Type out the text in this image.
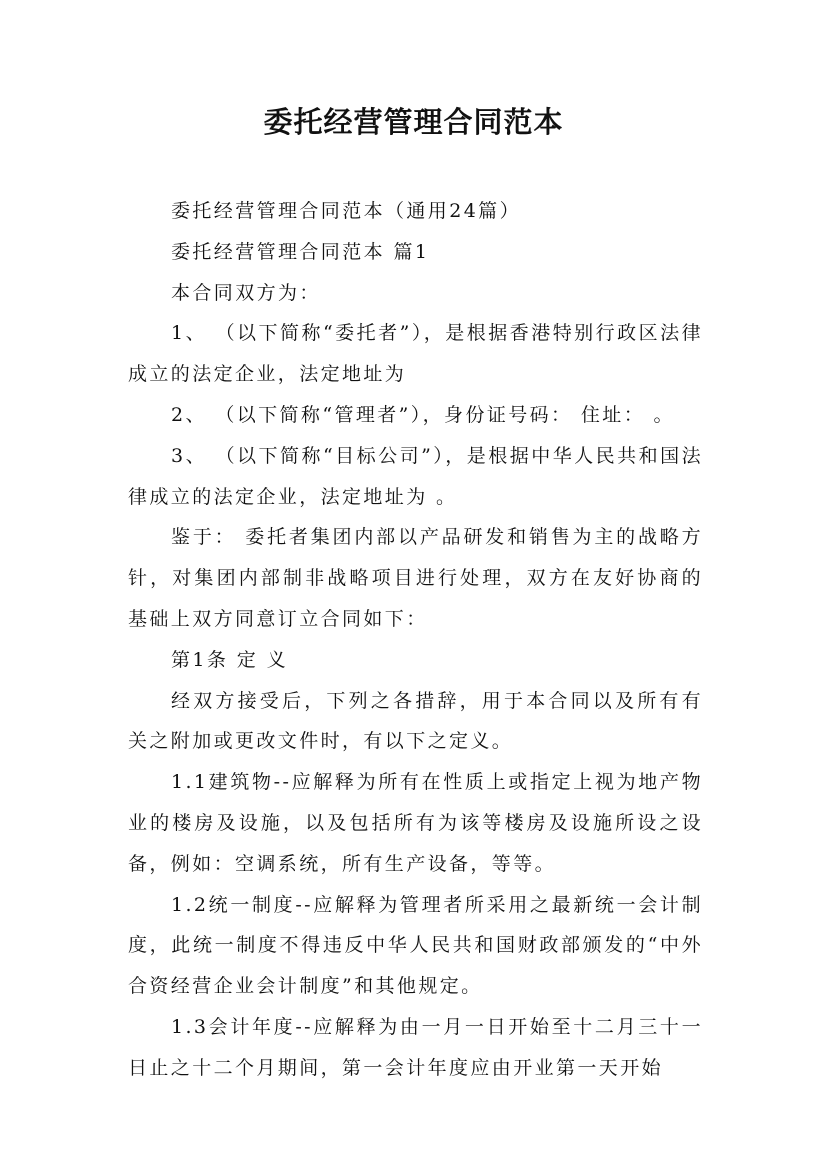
委托经营管理合同范本

委托经营管理合同范本（通用24篇）

委托经营管理合同范本 篇1

本合同双方为：

1、 （以下简称“委托者”），是根据香港特别行政区法律成立的法定企业，法定地址为

2、 （以下简称“管理者”），身份证号码： 住址： 。

3、 （以下简称“目标公司”），是根据中华人民共和国法律成立的法定企业，法定地址为 。

鉴于： 委托者集团内部以产品研发和销售为主的战略方针，对集团内部制非战略项目进行处理，双方在友好协商的基础上双方同意订立合同如下：

第1条 定 义

经双方接受后，下列之各措辞，用于本合同以及所有有关之附加或更改文件时，有以下之定义。

1.1建筑物--应解释为所有在性质上或指定上视为地产物业的楼房及设施，以及包括所有为该等楼房及设施所设之设备，例如：空调系统，所有生产设备，等等。

1.2统一制度--应解释为管理者所采用之最新统一会计制度，此统一制度不得违反中华人民共和国财政部颁发的“中外合资经营企业会计制度”和其他规定。

1.3会计年度--应解释为由一月一日开始至十二月三十一日止之十二个月期间，第一会计年度应由开业第一天开始
